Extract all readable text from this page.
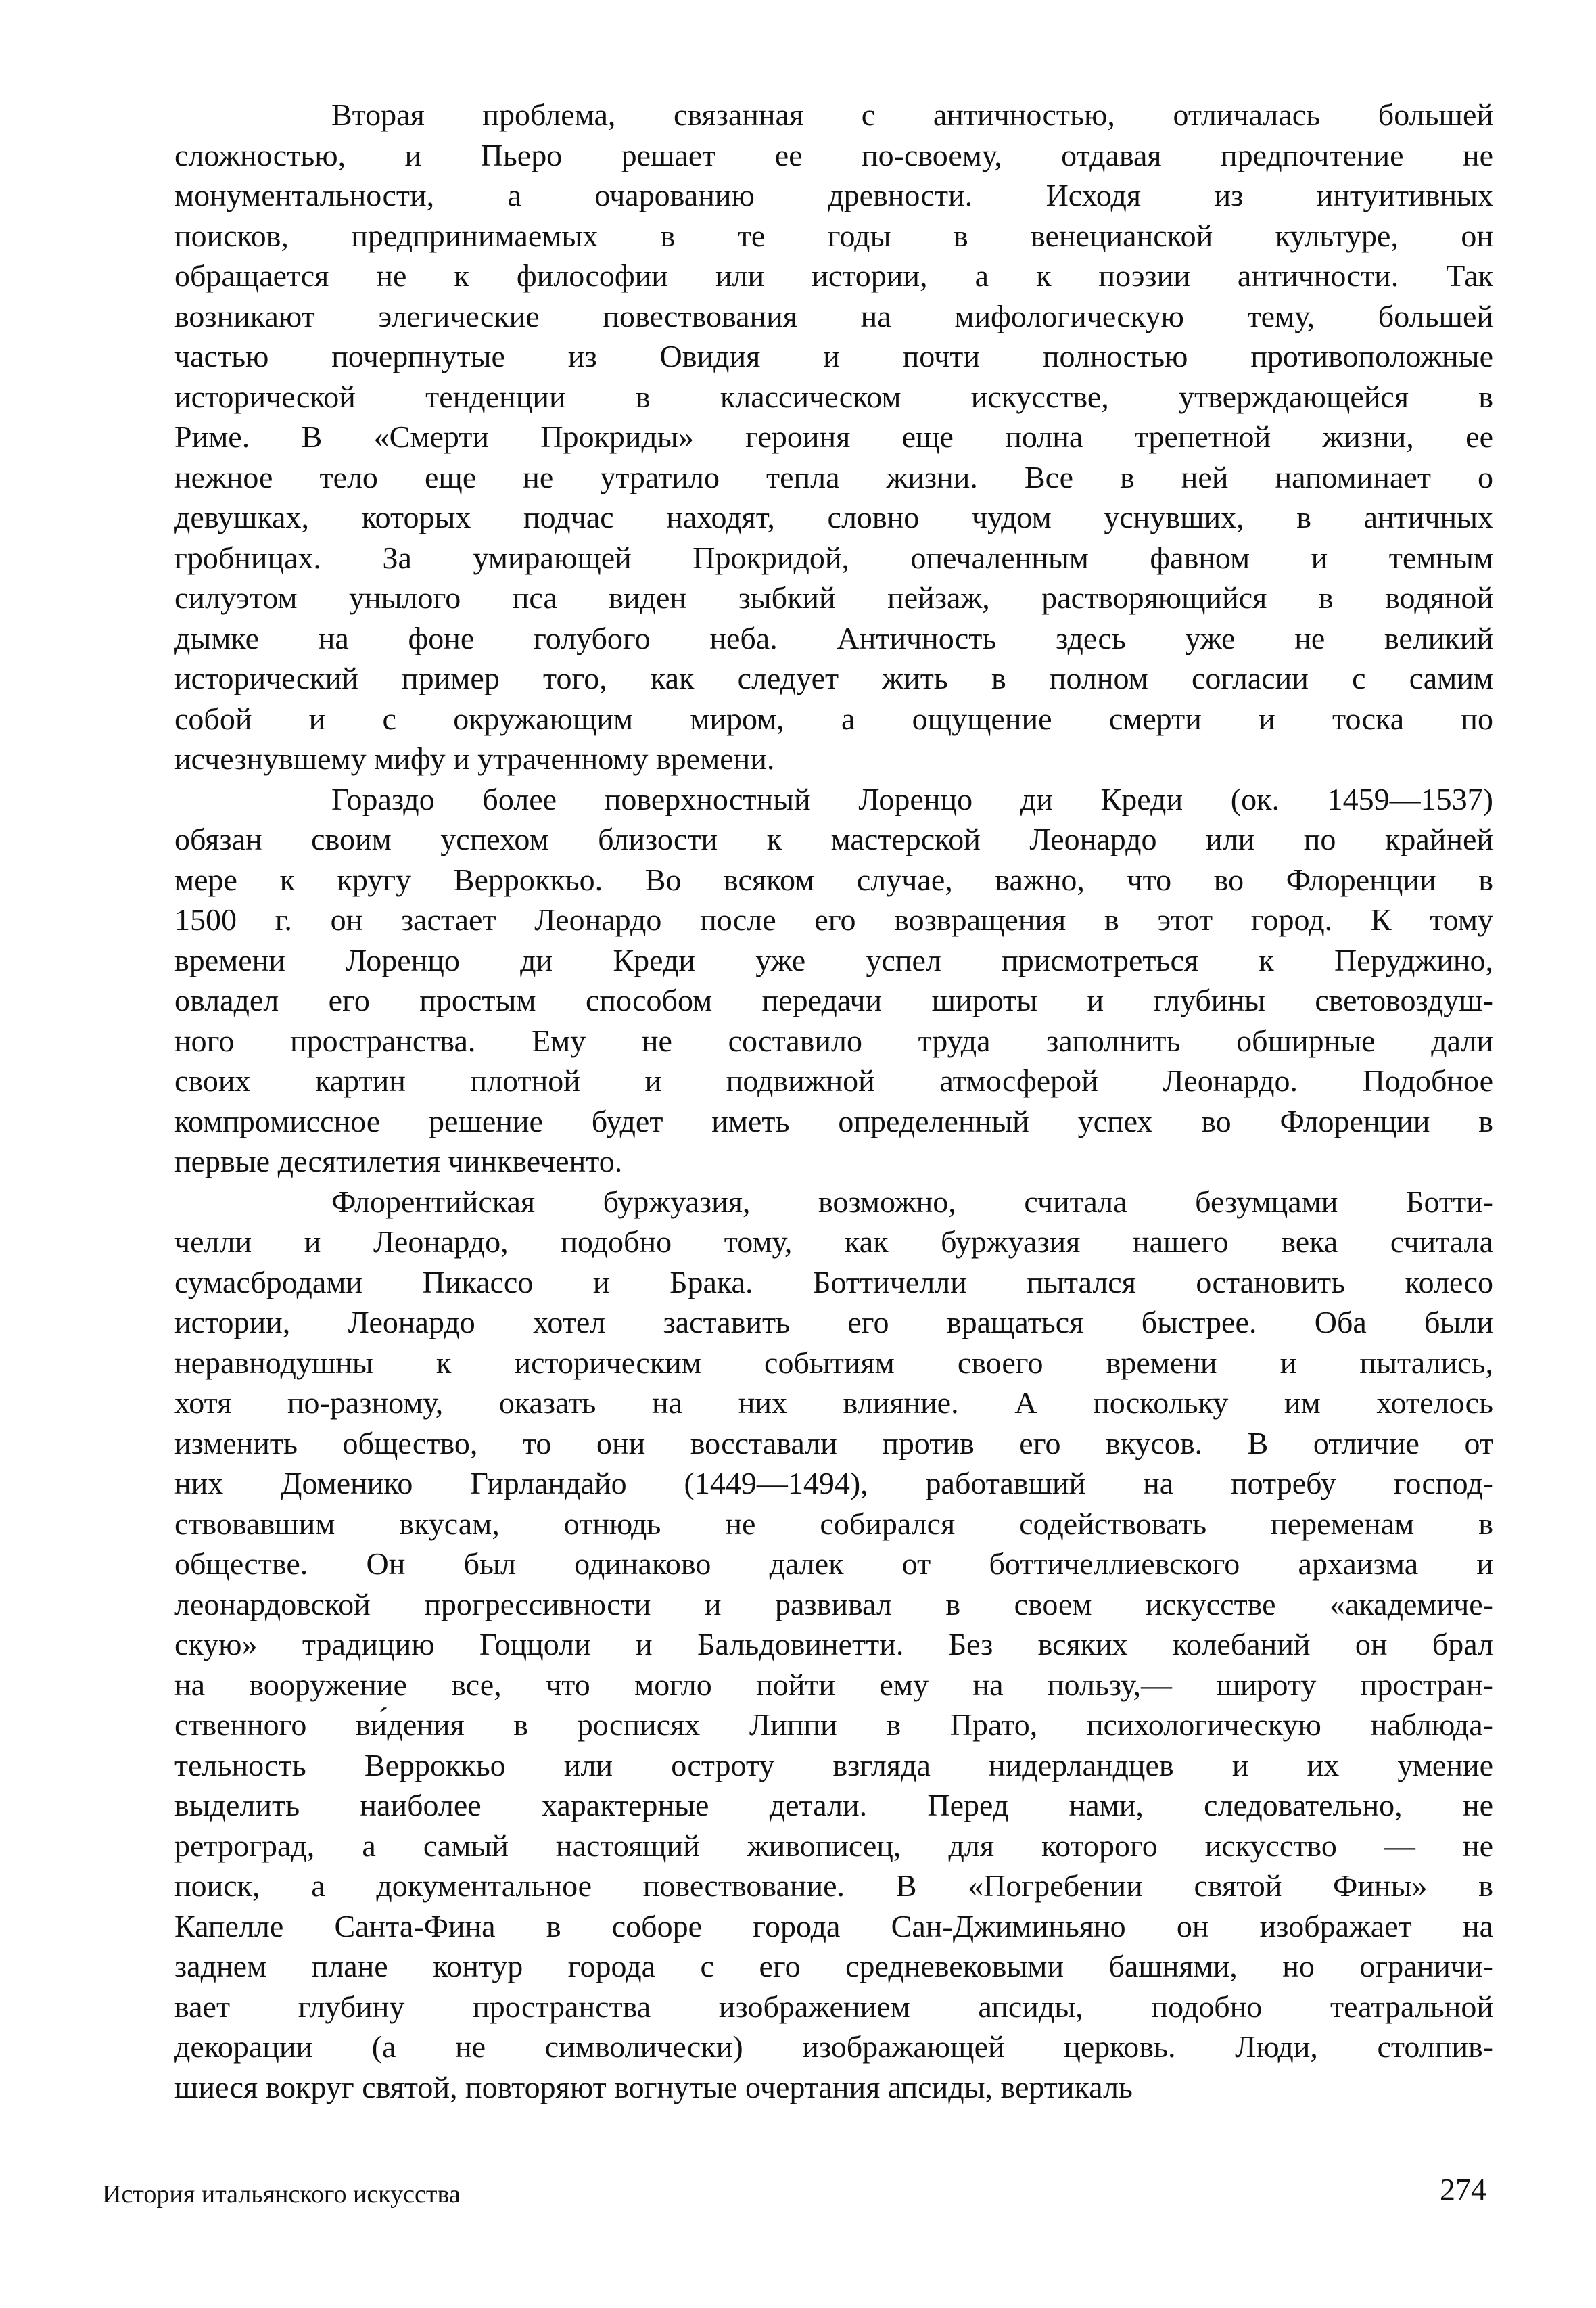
Вторая проблема, связанная с античностью, отличалась большей
сложностью, и Пьеро решает ее по-своему, отдавая предпочтение не
монументальности, а очарованию древности. Исходя из интуитивных
поисков, предпринимаемых в те годы в венецианской культуре, он
обращается не к философии или истории, а к поэзии античности. Так
возникают элегические повествования на мифологическую тему, большей
частью почерпнутые из Овидия и почти полностью противоположные
исторической тенденции в классическом искусстве, утверждающейся в
Риме. В «Смерти Прокриды» героиня еще полна трепетной жизни, ее
нежное тело еще не утратило тепла жизни. Все в ней напоминает о
девушках, которых подчас находят, словно чудом уснувших, в античных
гробницах. За умирающей Прокридой, опечаленным фавном и темным
силуэтом унылого пса виден зыбкий пейзаж, растворяющийся в водяной
дымке на фоне голубого неба. Античность здесь уже не великий
исторический пример того, как следует жить в полном согласии с самим
собой и с окружающим миром, а ощущение смерти и тоска по
исчезнувшему мифу и утраченному времени.
Гораздо более поверхностный Лоренцо ди Креди (ок. 1459—1537)
обязан своим успехом близости к мастерской Леонардо или по крайней
мере к кругу Верроккьо. Во всяком случае, важно, что во Флоренции в
1500 г. он застает Леонардо после его возвращения в этот город. К тому
времени Лоренцо ди Креди уже успел присмотреться к Перуджино,
овладел его простым способом передачи широты и глубины световоздуш-
ного пространства. Ему не составило труда заполнить обширные дали
своих картин плотной и подвижной атмосферой Леонардо. Подобное
компромиссное решение будет иметь определенный успех во Флоренции в
первые десятилетия чинквеченто.
Флорентийская буржуазия, возможно, считала безумцами Ботти-
челли и Леонардо, подобно тому, как буржуазия нашего века считала
сумасбродами Пикассо и Брака. Боттичелли пытался остановить колесо
истории, Леонардо хотел заставить его вращаться быстрее. Оба были
неравнодушны к историческим событиям своего времени и пытались,
хотя по-разному, оказать на них влияние. А поскольку им хотелось
изменить общество, то они восставали против его вкусов. В отличие от
них Доменико Гирландайо (1449—1494), работавший на потребу господ-
ствовавшим вкусам, отнюдь не собирался содействовать переменам в
обществе. Он был одинаково далек от боттичеллиевского архаизма и
леонардовской прогрессивности и развивал в своем искусстве «академиче-
скую» традицию Гоццоли и Бальдовинетти. Без всяких колебаний он брал
на вооружение все, что могло пойти ему на пользу,— широту простран-
ственного ви́дения в росписях Липпи в Прато, психологическую наблюда-
тельность Верроккьо или остроту взгляда нидерландцев и их умение
выделить наиболее характерные детали. Перед нами, следовательно, не
ретроград, а самый настоящий живописец, для которого искусство — не
поиск, а документальное повествование. В «Погребении святой Фины» в
Капелле Санта-Фина в соборе города Сан-Джиминьяно он изображает на
заднем плане контур города с его средневековыми башнями, но ограничи-
вает глубину пространства изображением апсиды, подобно театральной
декорации (а не символически) изображающей церковь. Люди, столпив-
шиеся вокруг святой, повторяют вогнутые очертания апсиды, вертикаль
История итальянского искусства	274
